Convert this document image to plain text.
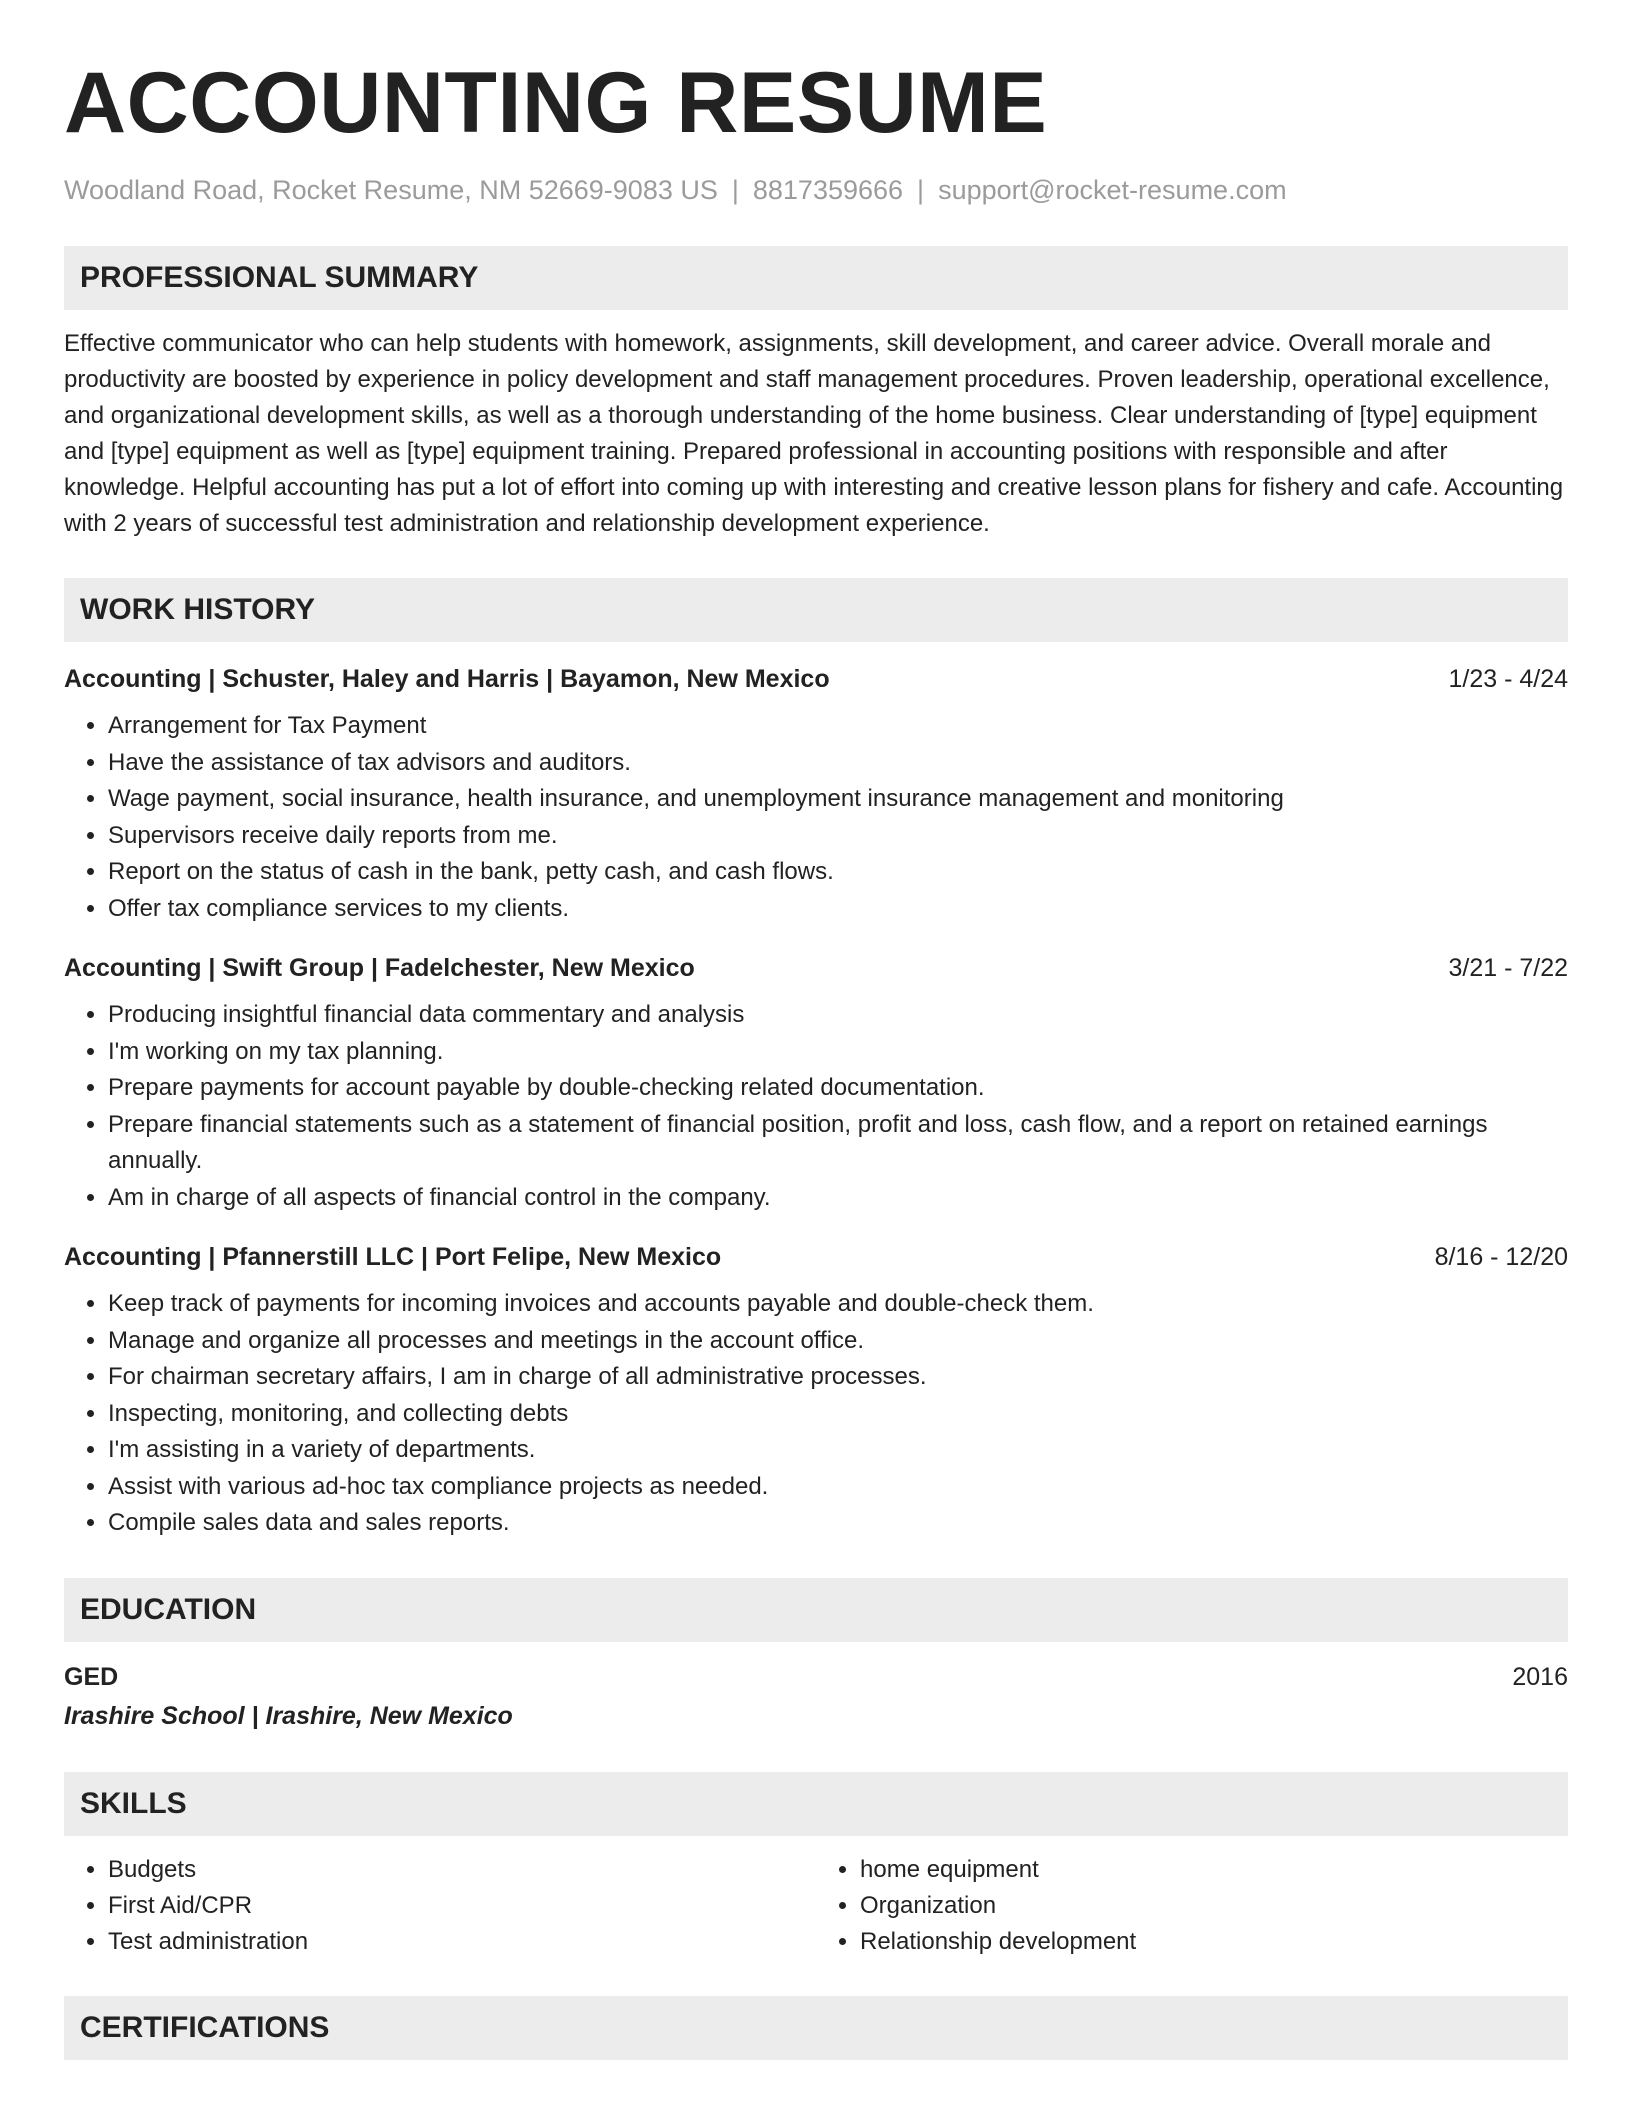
ACCOUNTING RESUME
Woodland Road, Rocket Resume, NM 52669-9083 US | 8817359666 | support@rocket-resume.com
PROFESSIONAL SUMMARY
Effective communicator who can help students with homework, assignments, skill development, and career advice. Overall morale and productivity are boosted by experience in policy development and staff management procedures. Proven leadership, operational excellence, and organizational development skills, as well as a thorough understanding of the home business. Clear understanding of [type] equipment and [type] equipment as well as [type] equipment training. Prepared professional in accounting positions with responsible and after knowledge. Helpful accounting has put a lot of effort into coming up with interesting and creative lesson plans for fishery and cafe. Accounting with 2 years of successful test administration and relationship development experience.
WORK HISTORY
Accounting | Schuster, Haley and Harris | Bayamon, New Mexico	1/23 - 4/24
• Arrangement for Tax Payment
• Have the assistance of tax advisors and auditors.
• Wage payment, social insurance, health insurance, and unemployment insurance management and monitoring
• Supervisors receive daily reports from me.
• Report on the status of cash in the bank, petty cash, and cash flows.
• Offer tax compliance services to my clients.
Accounting | Swift Group | Fadelchester, New Mexico	3/21 - 7/22
• Producing insightful financial data commentary and analysis
• I'm working on my tax planning.
• Prepare payments for account payable by double-checking related documentation.
• Prepare financial statements such as a statement of financial position, profit and loss, cash flow, and a report on retained earnings annually.
• Am in charge of all aspects of financial control in the company.
Accounting | Pfannerstill LLC | Port Felipe, New Mexico	8/16 - 12/20
• Keep track of payments for incoming invoices and accounts payable and double-check them.
• Manage and organize all processes and meetings in the account office.
• For chairman secretary affairs, I am in charge of all administrative processes.
• Inspecting, monitoring, and collecting debts
• I'm assisting in a variety of departments.
• Assist with various ad-hoc tax compliance projects as needed.
• Compile sales data and sales reports.
EDUCATION
GED	2016
Irashire School | Irashire, New Mexico
SKILLS
• Budgets
• First Aid/CPR
• Test administration
• home equipment
• Organization
• Relationship development
CERTIFICATIONS
